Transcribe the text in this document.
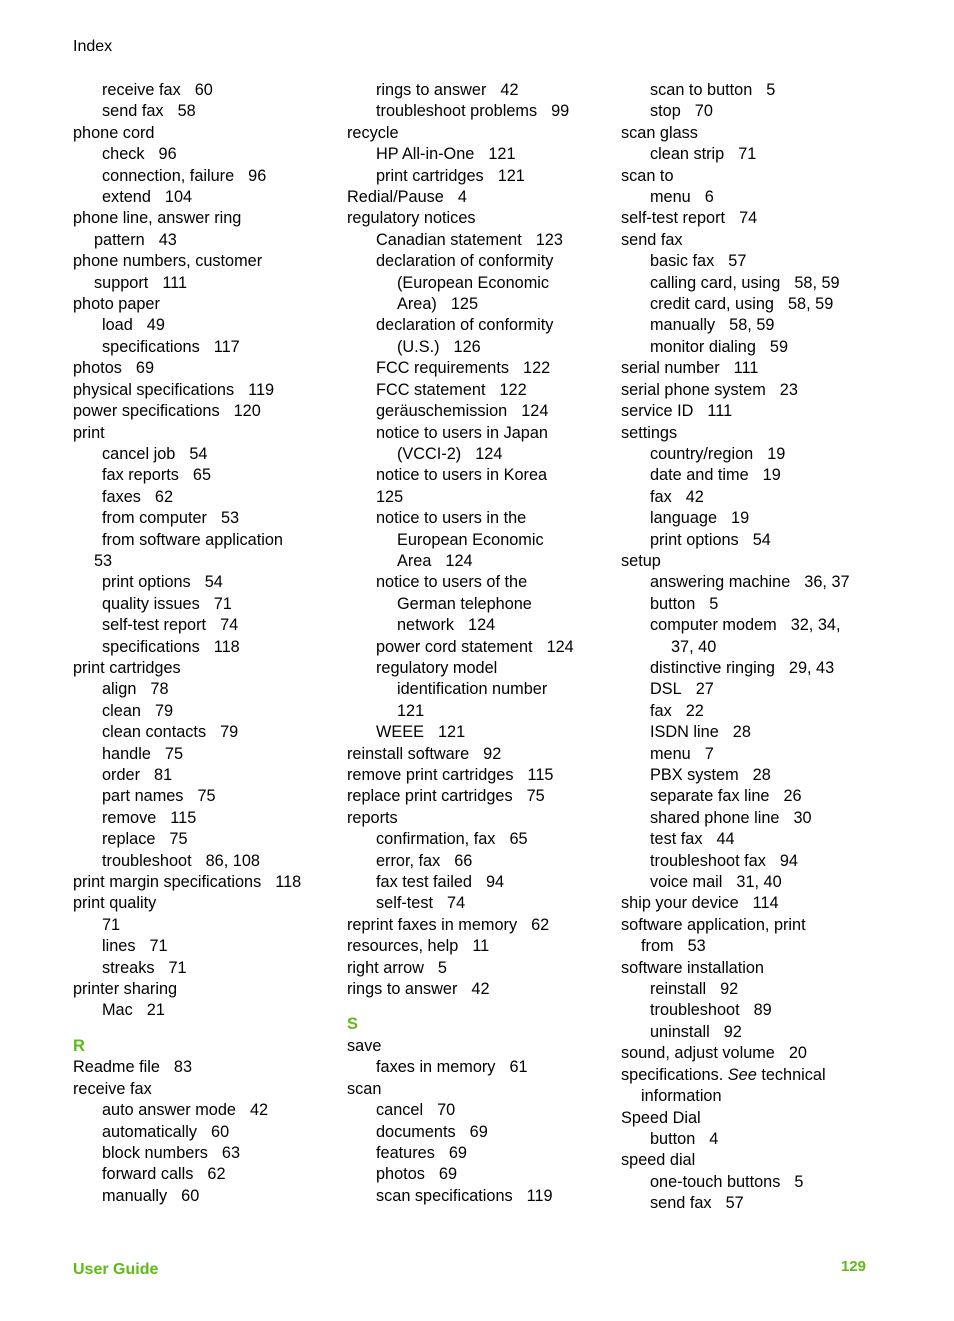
Index
receive fax 60
send fax 58
phone cord
check 96
connection, failure 96
extend 104
phone line, answer ring
pattern 43
phone numbers, customer
support 111
photo paper
load 49
specifications 117
photos 69
physical specifications 119
power specifications 120
print
cancel job 54
fax reports 65
faxes 62
from computer 53
from software application
53
print options 54
quality issues 71
self-test report 74
specifications 118
print cartridges
align 78
clean 79
clean contacts 79
handle 75
order 81
part names 75
remove 115
replace 75
troubleshoot 86, 108
print margin specifications 118
print quality
71
lines 71
streaks 71
printer sharing
Mac 21
R
Readme file 83
receive fax
auto answer mode 42
automatically 60
block numbers 63
forward calls 62
manually 60
rings to answer 42
troubleshoot problems 99
recycle
HP All-in-One 121
print cartridges 121
Redial/Pause 4
regulatory notices
Canadian statement 123
declaration of conformity
(European Economic
Area) 125
declaration of conformity
(U.S.) 126
FCC requirements 122
FCC statement 122
geräuschemission 124
notice to users in Japan
(VCCI-2) 124
notice to users in Korea
125
notice to users in the
European Economic
Area 124
notice to users of the
German telephone
network 124
power cord statement 124
regulatory model
identification number
121
WEEE 121
reinstall software 92
remove print cartridges 115
replace print cartridges 75
reports
confirmation, fax 65
error, fax 66
fax test failed 94
self-test 74
reprint faxes in memory 62
resources, help 11
right arrow 5
rings to answer 42
S
save
faxes in memory 61
scan
cancel 70
documents 69
features 69
photos 69
scan specifications 119
scan to button 5
stop 70
scan glass
clean strip 71
scan to
menu 6
self-test report 74
send fax
basic fax 57
calling card, using 58, 59
credit card, using 58, 59
manually 58, 59
monitor dialing 59
serial number 111
serial phone system 23
service ID 111
settings
country/region 19
date and time 19
fax 42
language 19
print options 54
setup
answering machine 36, 37
button 5
computer modem 32, 34,
37, 40
distinctive ringing 29, 43
DSL 27
fax 22
ISDN line 28
menu 7
PBX system 28
separate fax line 26
shared phone line 30
test fax 44
troubleshoot fax 94
voice mail 31, 40
ship your device 114
software application, print
from 53
software installation
reinstall 92
troubleshoot 89
uninstall 92
sound, adjust volume 20
specifications. See technical
information
Speed Dial
button 4
speed dial
one-touch buttons 5
send fax 57
User Guide	129
